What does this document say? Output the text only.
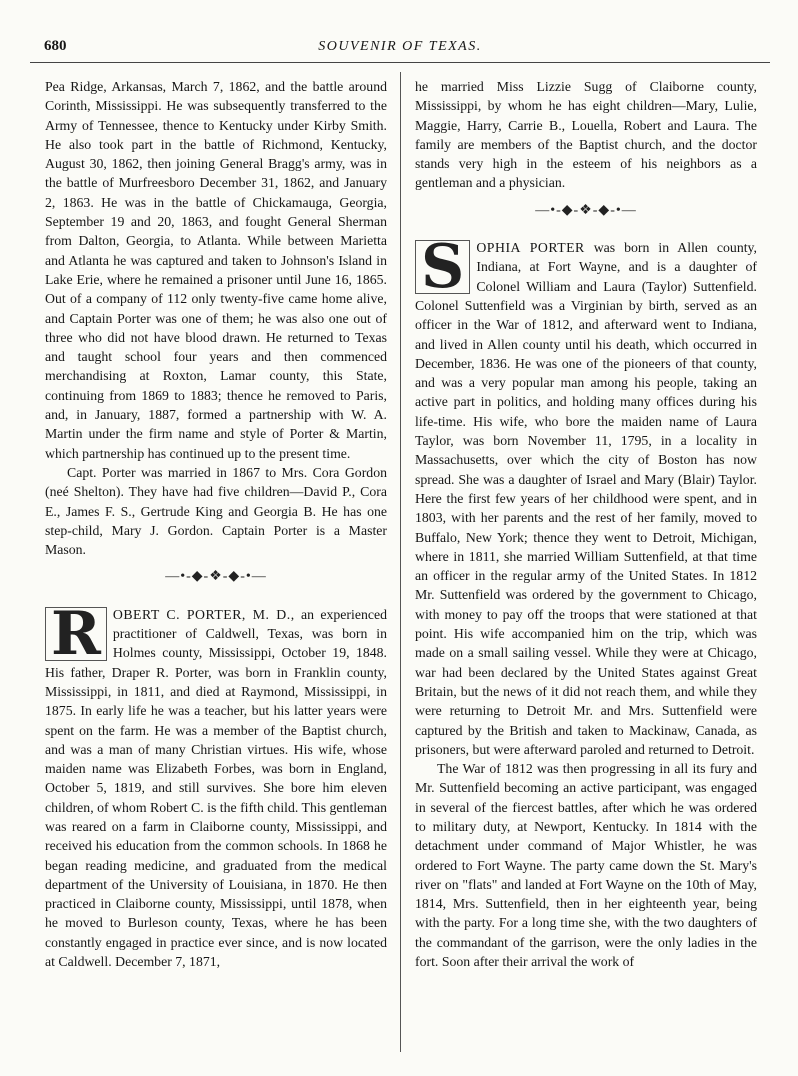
680	SOUVENIR OF TEXAS.

Pea Ridge, Arkansas, March 7, 1862, and the battle around Corinth, Mississippi. He was subsequently transferred to the Army of Tennessee, thence to Kentucky under Kirby Smith. He also took part in the battle of Richmond, Kentucky, August 30, 1862, then joining General Bragg's army, was in the battle of Murfreesboro December 31, 1862, and January 2, 1863. He was in the battle of Chickamauga, Georgia, September 19 and 20, 1863, and fought General Sherman from Dalton, Georgia, to Atlanta. While between Marietta and Atlanta he was captured and taken to Johnson's Island in Lake Erie, where he remained a prisoner until June 16, 1865. Out of a company of 112 only twenty-five came home alive, and Captain Porter was one of them; he was also one out of three who did not have blood drawn. He returned to Texas and taught school four years and then commenced merchandising at Roxton, Lamar county, this State, continuing from 1869 to 1883; thence he removed to Paris, and, in January, 1887, formed a partnership with W. A. Martin under the firm name and style of Porter & Martin, which partnership has continued up to the present time.

Capt. Porter was married in 1867 to Mrs. Cora Gordon (neé Shelton). They have had five children—David P., Cora E., James F. S., Gertrude King and Georgia B. He has one step-child, Mary J. Gordon. Captain Porter is a Master Mason.

—•-◆-❖-◆-•—

R OBERT C. PORTER, M. D., an experienced practitioner of Caldwell, Texas, was born in Holmes county, Mississippi, October 19, 1848. His father, Draper R. Porter, was born in Franklin county, Mississippi, in 1811, and died at Raymond, Mississippi, in 1875. In early life he was a teacher, but his latter years were spent on the farm. He was a member of the Baptist church, and was a man of many Christian virtues. His wife, whose maiden name was Elizabeth Forbes, was born in England, October 5, 1819, and still survives. She bore him eleven children, of whom Robert C. is the fifth child. This gentleman was reared on a farm in Claiborne county, Mississippi, and received his education from the common schools. In 1868 he began reading medicine, and graduated from the medical department of the University of Louisiana, in 1870. He then practiced in Claiborne county, Mississippi, until 1878, when he moved to Burleson county, Texas, where he has been constantly engaged in practice ever since, and is now located at Caldwell. December 7, 1871,

he married Miss Lizzie Sugg of Claiborne county, Mississippi, by whom he has eight children—Mary, Lulie, Maggie, Harry, Carrie B., Louella, Robert and Laura. The family are members of the Baptist church, and the doctor stands very high in the esteem of his neighbors as a gentleman and a physician.

—•-◆-❖-◆-•—

S OPHIA PORTER was born in Allen county, Indiana, at Fort Wayne, and is a daughter of Colonel William and Laura (Taylor) Suttenfield. Colonel Suttenfield was a Virginian by birth, served as an officer in the War of 1812, and afterward went to Indiana, and lived in Allen county until his death, which occurred in December, 1836. He was one of the pioneers of that county, and was a very popular man among his people, taking an active part in politics, and holding many offices during his life-time. His wife, who bore the maiden name of Laura Taylor, was born November 11, 1795, in a locality in Massachusetts, over which the city of Boston has now spread. She was a daughter of Israel and Mary (Blair) Taylor. Here the first few years of her childhood were spent, and in 1803, with her parents and the rest of her family, moved to Buffalo, New York; thence they went to Detroit, Michigan, where in 1811, she married William Suttenfield, at that time an officer in the regular army of the United States. In 1812 Mr. Suttenfield was ordered by the government to Chicago, with money to pay off the troops that were stationed at that point. His wife accompanied him on the trip, which was made on a small sailing vessel. While they were at Chicago, war had been declared by the United States against Great Britain, but the news of it did not reach them, and while they were returning to Detroit Mr. and Mrs. Suttenfield were captured by the British and taken to Mackinaw, Canada, as prisoners, but were afterward paroled and returned to Detroit.

The War of 1812 was then progressing in all its fury and Mr. Suttenfield becoming an active participant, was engaged in several of the fiercest battles, after which he was ordered to military duty, at Newport, Kentucky. In 1814 with the detachment under command of Major Whistler, he was ordered to Fort Wayne. The party came down the St. Mary's river on "flats" and landed at Fort Wayne on the 10th of May, 1814, Mrs. Suttenfield, then in her eighteenth year, being with the party. For a long time she, with the two daughters of the commandant of the garrison, were the only ladies in the fort. Soon after their arrival the work of
